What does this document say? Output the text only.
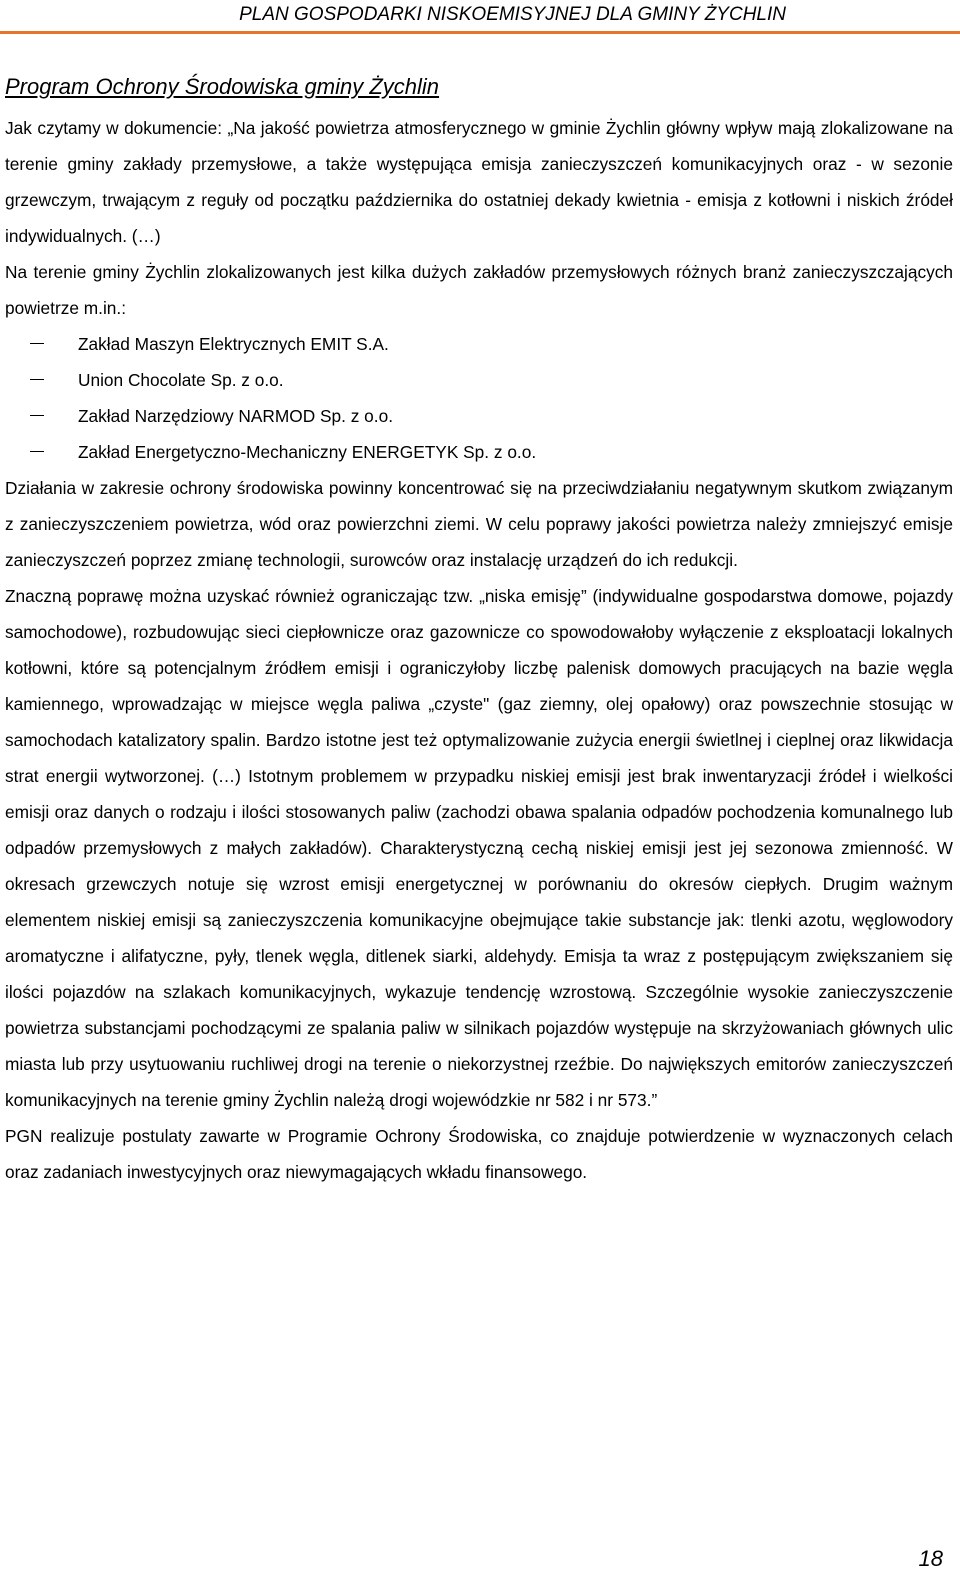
PLAN GOSPODARKI NISKOEMISYJNEJ DLA GMINY ŻYCHLIN
Program Ochrony Środowiska gminy Żychlin

Jak czytamy w dokumencie: „Na jakość powietrza atmosferycznego w gminie Żychlin główny wpływ mają zlokalizowane na terenie gminy zakłady przemysłowe, a także występująca emisja zanieczyszczeń komunikacyjnych oraz - w sezonie grzewczym, trwającym z reguły od początku października do ostatniej dekady kwietnia - emisja z kotłowni i niskich źródeł indywidualnych. (…)

Na terenie gminy Żychlin zlokalizowanych jest kilka dużych zakładów przemysłowych różnych branż zanieczyszczających powietrze m.in.:

Zakład Maszyn Elektrycznych EMIT S.A.
Union Chocolate Sp. z o.o.
Zakład Narzędziowy NARMOD Sp. z o.o.
Zakład Energetyczno-Mechaniczny ENERGETYK Sp. z o.o.

Działania w zakresie ochrony środowiska powinny koncentrować się na przeciwdziałaniu negatywnym skutkom związanym z zanieczyszczeniem powietrza, wód oraz powierzchni ziemi. W celu poprawy jakości powietrza należy zmniejszyć emisje zanieczyszczeń poprzez zmianę technologii, surowców oraz instalację urządzeń do ich redukcji.

Znaczną poprawę można uzyskać również ograniczając tzw. „niska emisję” (indywidualne gospodarstwa domowe, pojazdy samochodowe), rozbudowując sieci ciepłownicze oraz gazownicze co spowodowałoby wyłączenie z eksploatacji lokalnych kotłowni, które są potencjalnym źródłem emisji i ograniczyłoby liczbę palenisk domowych pracujących na bazie węgla kamiennego, wprowadzając w miejsce węgla paliwa „czyste" (gaz ziemny, olej opałowy) oraz powszechnie stosując w samochodach katalizatory spalin. Bardzo istotne jest też optymalizowanie zużycia energii świetlnej i cieplnej oraz likwidacja strat energii wytworzonej. (…) Istotnym problemem w przypadku niskiej emisji jest brak inwentaryzacji źródeł i wielkości emisji oraz danych o rodzaju i ilości stosowanych paliw (zachodzi obawa spalania odpadów pochodzenia komunalnego lub odpadów przemysłowych z małych zakładów). Charakterystyczną cechą niskiej emisji jest jej sezonowa zmienność. W okresach grzewczych notuje się wzrost emisji energetycznej w porównaniu do okresów ciepłych. Drugim ważnym elementem niskiej emisji są zanieczyszczenia komunikacyjne obejmujące takie substancje jak: tlenki azotu, węglowodory aromatyczne i alifatyczne, pyły, tlenek węgla, ditlenek siarki, aldehydy. Emisja ta wraz z postępującym zwiększaniem się ilości pojazdów na szlakach komunikacyjnych, wykazuje tendencję wzrostową. Szczególnie wysokie zanieczyszczenie powietrza substancjami pochodzącymi ze spalania paliw w silnikach pojazdów występuje na skrzyżowaniach głównych ulic miasta lub przy usytuowaniu ruchliwej drogi na terenie o niekorzystnej rzeźbie. Do największych emitorów zanieczyszczeń komunikacyjnych na terenie gminy Żychlin należą drogi wojewódzkie nr 582 i nr 573.”

PGN realizuje postulaty zawarte w Programie Ochrony Środowiska, co znajduje potwierdzenie w wyznaczonych celach oraz zadaniach inwestycyjnych oraz niewymagających wkładu finansowego.

18
